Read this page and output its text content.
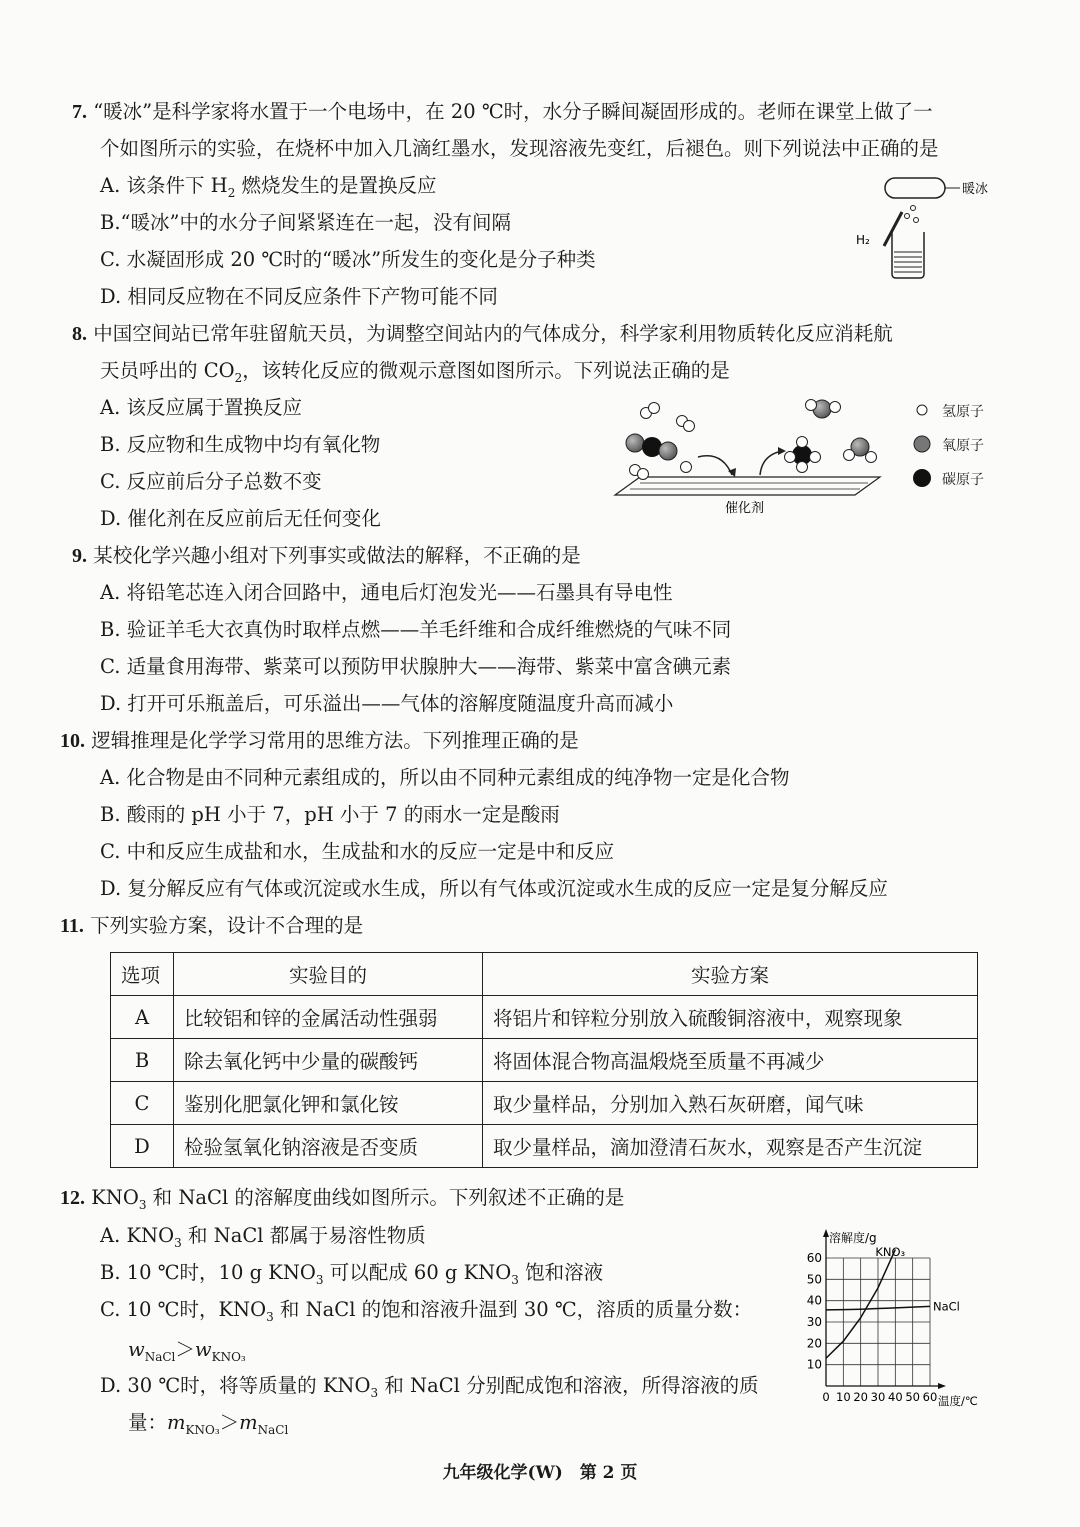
7. “暖冰”是科学家将水置于一个电场中，在 20 ℃时，水分子瞬间凝固形成的。老师在课堂上做了一
个如图所示的实验，在烧杯中加入几滴红墨水，发现溶液先变红，后褪色。则下列说法中正确的是
A. 该条件下 $H_2$ 燃烧发生的是置换反应
B.“暖冰”中的水分子间紧紧连在一起，没有间隔
C. 水凝固形成 20 ℃时的“暖冰”所发生的变化是分子种类
D. 相同反应物在不同反应条件下产物可能不同
暖冰
H₂
8. 中国空间站已常年驻留航天员，为调整空间站内的气体成分，科学家利用物质转化反应消耗航
天员呼出的 $CO_2$，该转化反应的微观示意图如图所示。下列说法正确的是
A. 该反应属于置换反应
B. 反应物和生成物中均有氧化物
C. 反应前后分子总数不变
D. 催化剂在反应前后无任何变化	催化剂
氢原子
氧原子
碳原子
9. 某校化学兴趣小组对下列事实或做法的解释，不正确的是
A. 将铅笔芯连入闭合回路中，通电后灯泡发光——石墨具有导电性
B. 验证羊毛大衣真伪时取样点燃——羊毛纤维和合成纤维燃烧的气味不同
C. 适量食用海带、紫菜可以预防甲状腺肿大——海带、紫菜中富含碘元素
D. 打开可乐瓶盖后，可乐溢出——气体的溶解度随温度升高而减小
10. 逻辑推理是化学学习常用的思维方法。下列推理正确的是
A. 化合物是由不同种元素组成的，所以由不同种元素组成的纯净物一定是化合物
B. 酸雨的 pH 小于 7，pH 小于 7 的雨水一定是酸雨
C. 中和反应生成盐和水，生成盐和水的反应一定是中和反应
D. 复分解反应有气体或沉淀或水生成，所以有气体或沉淀或水生成的反应一定是复分解反应
11. 下列实验方案，设计不合理的是
选项	实验目的	实验方案
A	比较铝和锌的金属活动性强弱	将铝片和锌粒分别放入硫酸铜溶液中，观察现象
B	除去氧化钙中少量的碳酸钙	将固体混合物高温煅烧至质量不再减少
C	鉴别化肥氯化钾和氯化铵	取少量样品，分别加入熟石灰研磨，闻气味
D	检验氢氧化钠溶液是否变质	取少量样品，滴加澄清石灰水，观察是否产生沉淀
12. $KNO_3$ 和 NaCl 的溶解度曲线如图所示。下列叙述不正确的是
A. $KNO_3$ 和 NaCl 都属于易溶性物质
B. 10 ℃时，10 g $KNO_3$ 可以配成 60 g $KNO_3$ 饱和溶液
C. 10 ℃时，$KNO_3$ 和 NaCl 的饱和溶液升温到 30 ℃，溶质的质量分数：
$w_{NaCl}>w_{KNO_3}$
D. 30 ℃时，将等质量的 $KNO_3$ 和 NaCl 分别配成饱和溶液，所得溶液的质
量：$m_{KNO_3}>m_{NaCl}$
10
20
30
40
50
60
0 10 20 30 40 50 60
溶解度/g
温度/℃
KNO₃
NaCl
九年级化学(W)　第 2 页
